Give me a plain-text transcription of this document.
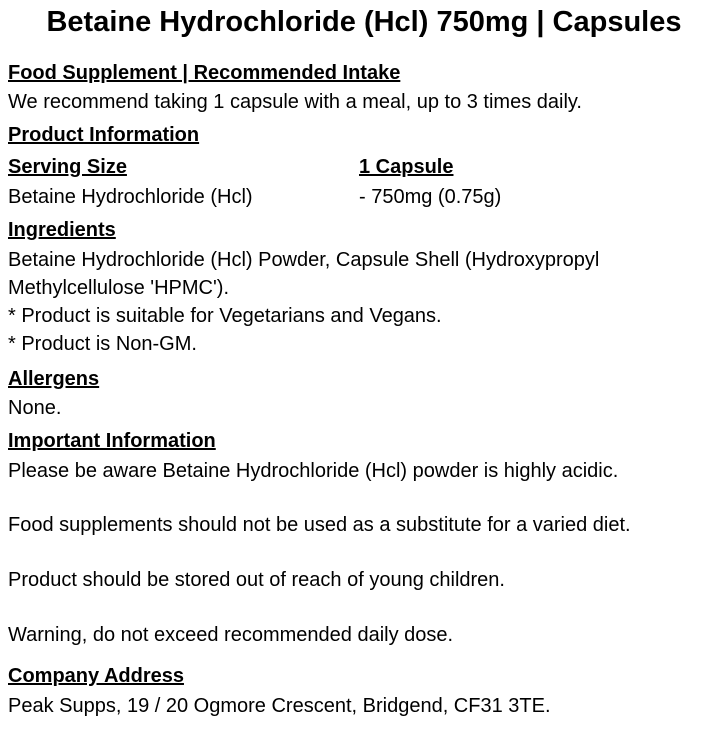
Betaine Hydrochloride (Hcl) 750mg | Capsules
Food Supplement | Recommended Intake
We recommend taking 1 capsule with a meal, up to 3 times daily.
Product Information
Serving Size	1 Capsule
Betaine Hydrochloride (Hcl)	- 750mg (0.75g)
Ingredients
Betaine Hydrochloride (Hcl) Powder, Capsule Shell (Hydroxypropyl
Methylcellulose 'HPMC').
* Product is suitable for Vegetarians and Vegans.
* Product is Non-GM.
Allergens
None.
Important Information
Please be aware Betaine Hydrochloride (Hcl) powder is highly acidic.
Food supplements should not be used as a substitute for a varied diet.
Product should be stored out of reach of young children.
Warning, do not exceed recommended daily dose.
Company Address
Peak Supps, 19 / 20 Ogmore Crescent, Bridgend, CF31 3TE.
